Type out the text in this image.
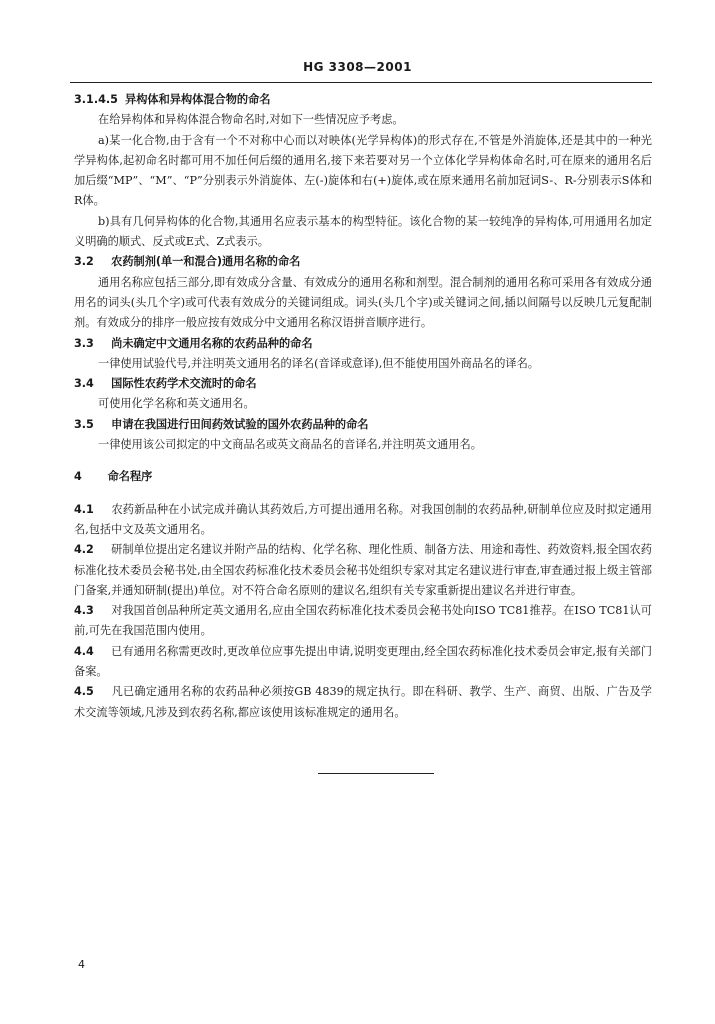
HG 3308—2001

3.1.4.5 异构体和异构体混合物的命名

在给异构体和异构体混合物命名时,对如下一些情况应予考虑。

a)某一化合物,由于含有一个不对称中心而以对映体(光学异构体)的形式存在,不管是外消旋体,还是其中的一种光学异构体,起初命名时都可用不加任何后缀的通用名,接下来若要对另一个立体化学异构体命名时,可在原来的通用名后加后缀“MP”、“M”、“P”分别表示外消旋体、左(-)旋体和右(+)旋体,或在原来通用名前加冠词S-、R-分别表示S体和R体。

b)具有几何异构体的化合物,其通用名应表示基本的构型特征。该化合物的某一较纯净的异构体,可用通用名加定义明确的顺式、反式或E式、Z式表示。

3.2 农药制剂(单一和混合)通用名称的命名

通用名称应包括三部分,即有效成分含量、有效成分的通用名称和剂型。混合制剂的通用名称可采用各有效成分通用名的词头(头几个字)或可代表有效成分的关键词组成。词头(头几个字)或关键词之间,插以间隔号以反映几元复配制剂。有效成分的排序一般应按有效成分中文通用名称汉语拼音顺序进行。

3.3 尚未确定中文通用名称的农药品种的命名

一律使用试验代号,并注明英文通用名的译名(音译或意译),但不能使用国外商品名的译名。

3.4 国际性农药学术交流时的命名

可使用化学名称和英文通用名。

3.5 申请在我国进行田间药效试验的国外农药品种的命名

一律使用该公司拟定的中文商品名或英文商品名的音译名,并注明英文通用名。

4 命名程序

4.1 农药新品种在小试完成并确认其药效后,方可提出通用名称。对我国创制的农药品种,研制单位应及时拟定通用名,包括中文及英文通用名。

4.2 研制单位提出定名建议并附产品的结构、化学名称、理化性质、制备方法、用途和毒性、药效资料,报全国农药标准化技术委员会秘书处,由全国农药标准化技术委员会秘书处组织专家对其定名建议进行审查,审查通过报上级主管部门备案,并通知研制(提出)单位。对不符合命名原则的建议名,组织有关专家重新提出建议名并进行审查。

4.3 对我国首创品种所定英文通用名,应由全国农药标准化技术委员会秘书处向ISO TC81推荐。在ISO TC81认可前,可先在我国范围内使用。

4.4 已有通用名称需更改时,更改单位应事先提出申请,说明变更理由,经全国农药标准化技术委员会审定,报有关部门备案。

4.5 凡已确定通用名称的农药品种必须按GB 4839的规定执行。即在科研、教学、生产、商贸、出版、广告及学术交流等领域,凡涉及到农药名称,都应该使用该标准规定的通用名。

4
